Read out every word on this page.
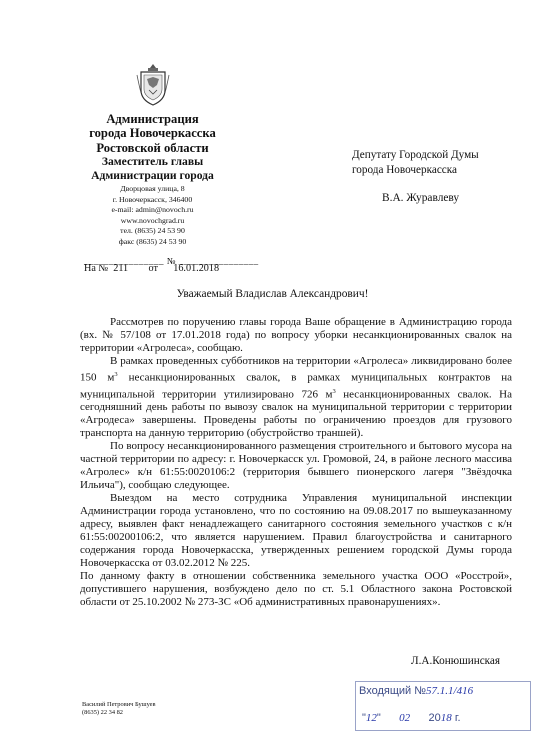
Администрация
города Новочеркасска
Ростовской области
Заместитель главы
Администрации города
Дворцовая улица, 8
г. Новочеркасск, 346400
e-mail: admin@novoch.ru
www.novochgrad.ru
тел. (8635) 24 53 90
факс (8635) 24 53 90
________________ № ________________
На № 211 от 16.01.2018
Депутату Городской Думы
города Новочеркасска
В.А. Журавлеву
Уважаемый Владислав Александрович!

Рассмотрев по поручению главы города Ваше обращение в Администрацию города (вх. № 57/108 от 17.01.2018 года) по вопросу уборки несанкционированных свалок на территории «Агролеса», сообщаю.

В рамках проведенных субботников на территории «Агролеса» ликвидировано более 150 $м^3$ несанкционированных свалок, в рамках муниципальных контрактов на муниципальной территории утилизировано 726 $м^3$ несанкционированных свалок. На сегодняшний день работы по вывозу свалок на муниципальной территории с территории «Агродеса» завершены. Проведены работы по ограничению проездов для грузового транспорта на данную территорию (обустройство траншей).

По вопросу несанкционированного размещения строительного и бытового мусора на частной территории по адресу: г. Новочеркасск ул. Громовой, 24, в районе лесного массива «Агролес» к/н 61:55:0020106:2 (территория бывшего пионерского лагеря "Звёздочка Ильича"), сообщаю следующее.

Выездом на место сотрудника Управления муниципальной инспекции Администрации города установлено, что по состоянию на 09.08.2017 по вышеуказанному адресу, выявлен факт ненадлежащего санитарного состояния земельного участков с к/н 61:55:00200106:2, что является нарушением. Правил благоустройства и санитарного содержания города Новочеркасска, утвержденных решением городской Думы города Новочеркасска от 03.02.2012 № 225.

По данному факту в отношении собственника земельного участка ООО «Росстрой», допустившего нарушения, возбуждено дело по ст. 5.1 Областного закона Ростовской области от 25.10.2002 № 273-ЗС «Об административных правонарушениях».

Л.А.Конюшинская
Василий Петрович Бушуев
(8635) 22 34 82
Входящий №57.1.1/416
"12" 02 2018 г.
